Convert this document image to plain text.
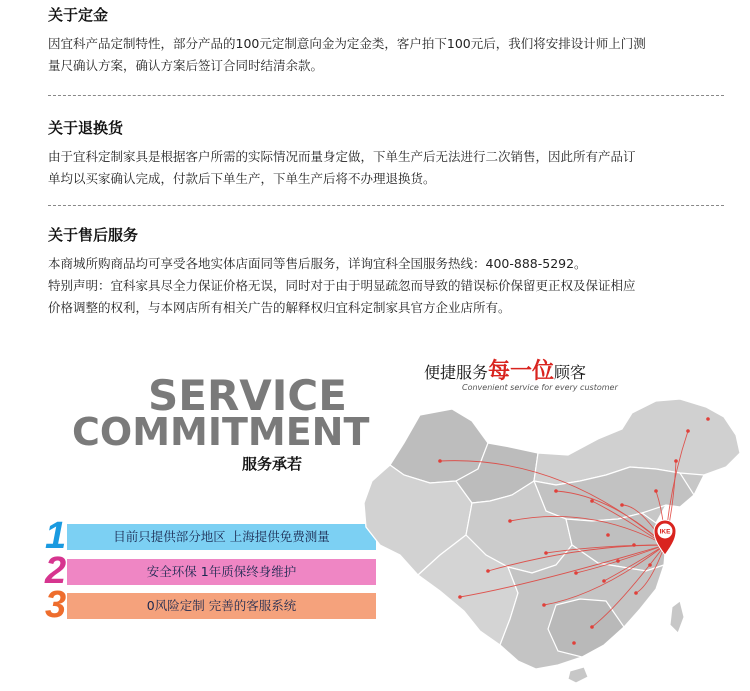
关于定金

因宜科产品定制特性，部分产品的100元定制意向金为定金类，客户拍下100元后，我们将安排设计师上门测

量尺确认方案，确认方案后签订合同时结清余款。

关于退换货

由于宜科定制家具是根据客户所需的实际情况而量身定做，下单生产后无法进行二次销售，因此所有产品订

单均以买家确认完成，付款后下单生产，下单生产后将不办理退换货。

关于售后服务

本商城所购商品均可享受各地实体店面同等售后服务，详询宜科全国服务热线：400-888-5292。

特别声明：宜科家具尽全力保证价格无误，同时对于由于明显疏忽而导致的错误标价保留更正权及保证相应

价格调整的权利，与本网店所有相关广告的解释权归宜科定制家具官方企业店所有。

SERVICE
COMMITMENT
服务承若
目前只提供部分地区 上海提供免费测量
1
安全环保 1年质保终身维护
2
0风险定制 完善的客服系统
3
便捷服务每一位顾客
Convenient service for every customer
IKE
